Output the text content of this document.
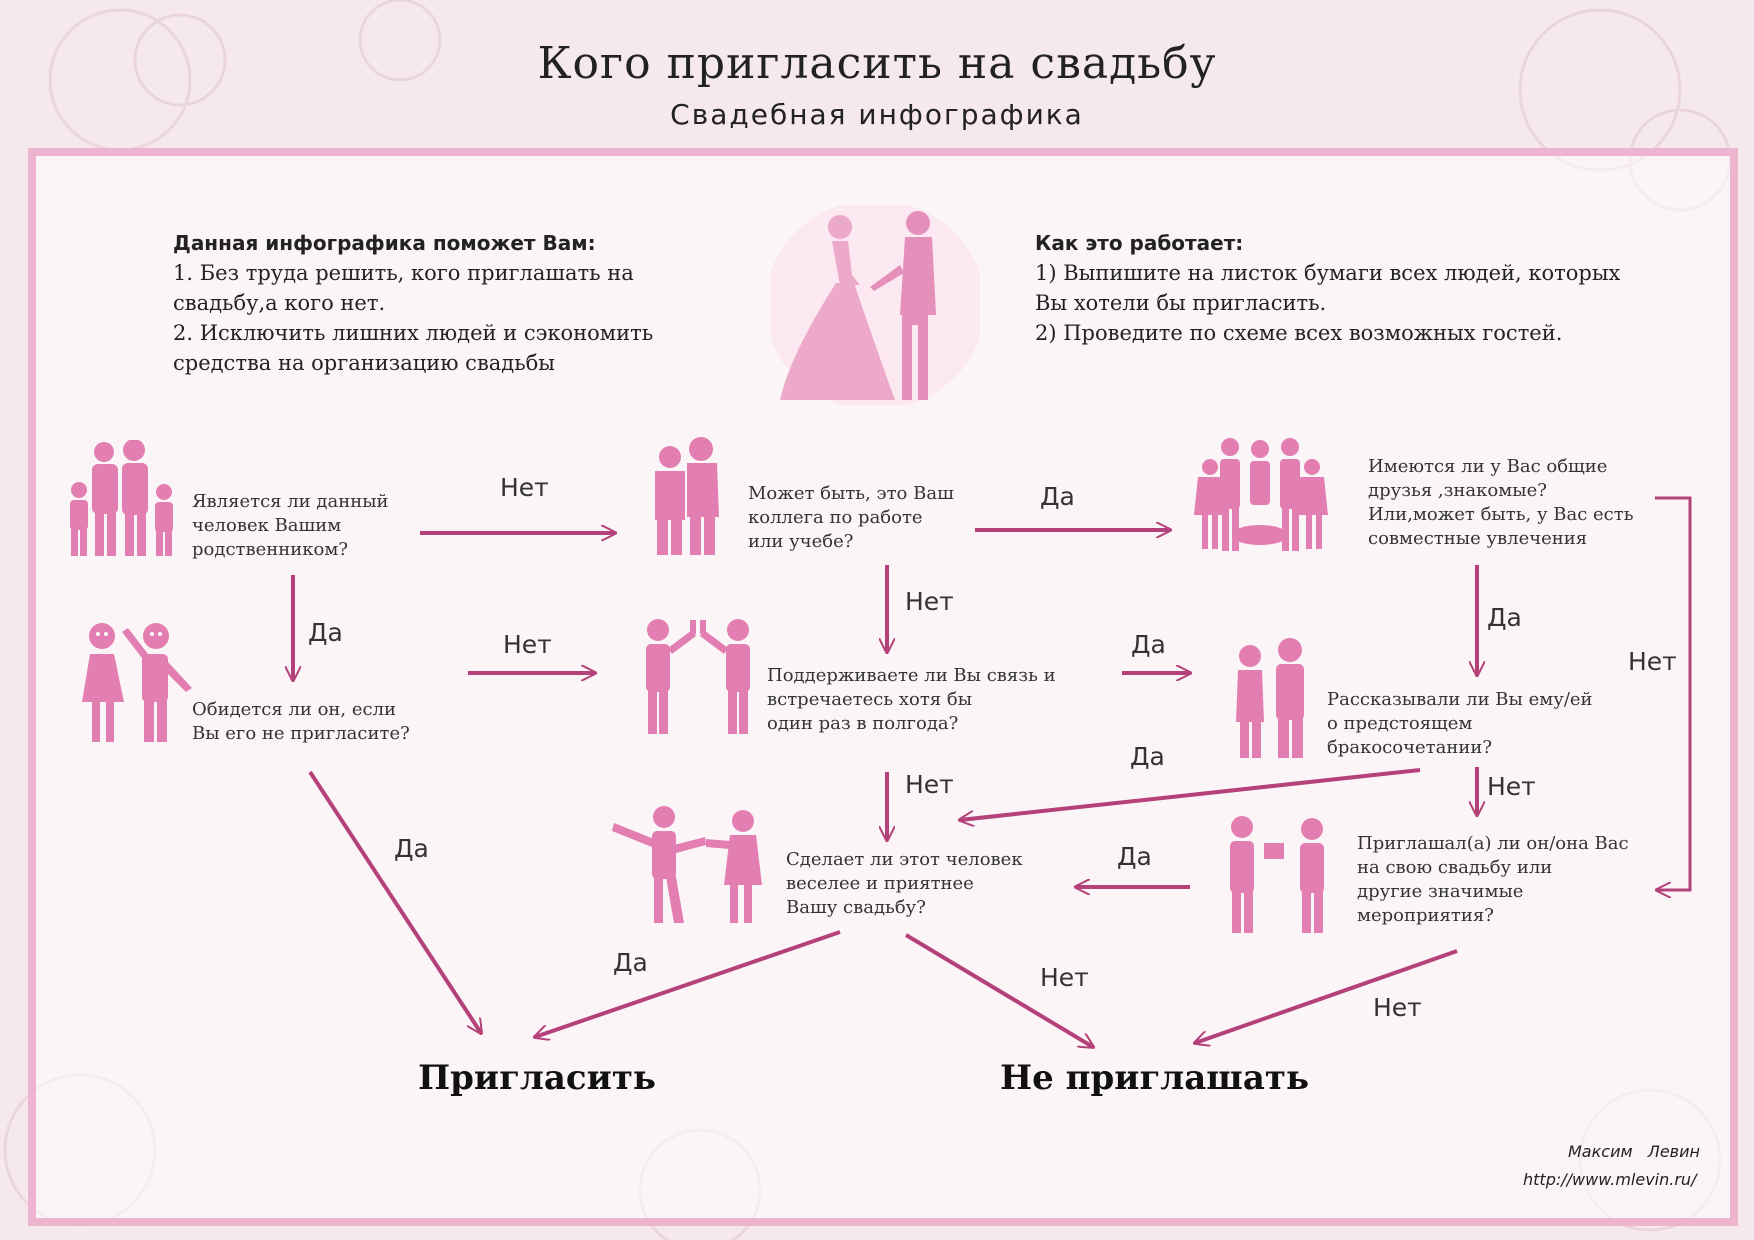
Кого пригласить на свадьбу
Свадебная инфографика
Данная инфографика поможет Вам:
1. Без труда решить, кого приглашать на
свадьбу,а кого нет.
2. Исключить лишних людей и сэкономить
средства на организацию свадьбы
Как это работает:
1) Выпишите на листок бумаги всех людей, которых
Вы хотели бы пригласить.
2) Проведите по схеме всех возможных гостей.
Является ли данный
человек Вашим
родственником?
Может быть, это Ваш
коллега по работе
или учебе?
Имеются ли у Вас общие
друзья ,знакомые?
Или,может быть, у Вас есть
совместные увлечения
Обидется ли он, если
Вы его не пригласите?
Поддерживаете ли Вы связь и
встречаетесь хотя бы
один раз в полгода?
Рассказывали ли Вы ему/ей
о предстоящем
бракосочетании?
Сделает ли этот человек
веселее и приятнее
Вашу свадьбу?
Приглашал(а) ли он/она Вас
на свою свадьбу или
другие значимые
мероприятия?
Нет
Да
Да
Нет
Да
Нет
Нет	Да
Да
Нет	Нет
Да	Да
Да
Нет
Нет
Пригласить	Не приглашать
Максим   Левин
http://www.mlevin.ru/
